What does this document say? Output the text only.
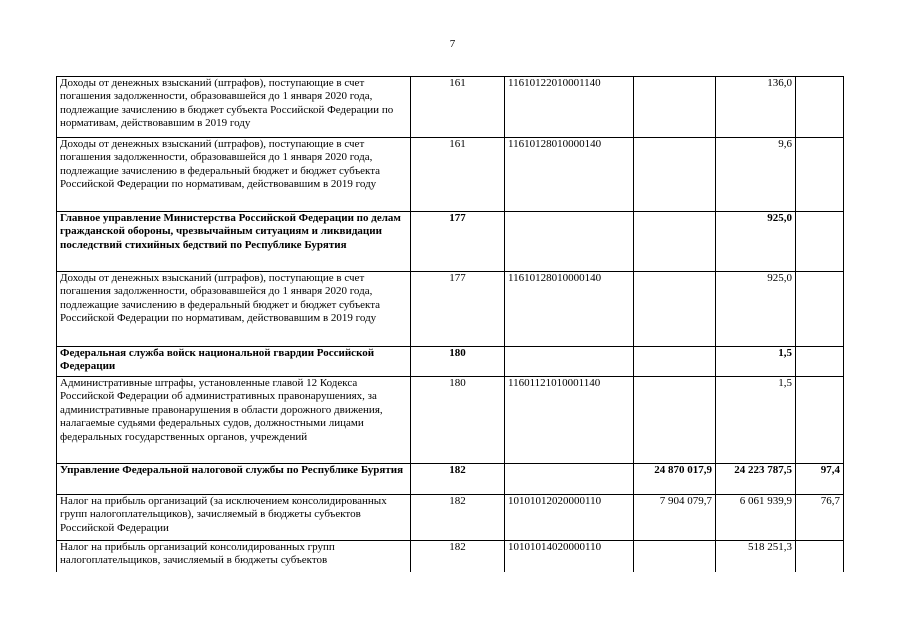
7
Доходы от денежных взысканий (штрафов), поступающие в счет погашения задолженности, образовавшейся до 1 января 2020 года, подлежащие зачислению в бюджет субъекта Российской Федерации по нормативам, действовавшим в 2019 году	161	11610122010001140		136,0	
Доходы от денежных взысканий (штрафов), поступающие в счет погашения задолженности, образовавшейся до 1 января 2020 года, подлежащие зачислению в федеральный бюджет и бюджет субъекта Российской Федерации по нормативам, действовавшим в 2019 году	161	11610128010000140		9,6	
Главное управление Министерства Российской Федерации по делам гражданской обороны, чрезвычайным ситуациям и ликвидации последствий стихийных бедствий по Республике Бурятия	177			925,0	
Доходы от денежных взысканий (штрафов), поступающие в счет погашения задолженности, образовавшейся до 1 января 2020 года, подлежащие зачислению в федеральный бюджет и бюджет субъекта Российской Федерации по нормативам, действовавшим в 2019 году	177	11610128010000140		925,0	
Федеральная служба войск национальной гвардии Российской Федерации	180			1,5	
Административные штрафы, установленные главой 12 Кодекса Российской Федерации об административных правонарушениях, за административные правонарушения в области дорожного движения, налагаемые судьями федеральных судов, должностными лицами федеральных государственных органов, учреждений	180	11601121010001140		1,5	
Управление Федеральной налоговой службы по Республике Бурятия	182		24 870 017,9	24 223 787,5	97,4
Налог на прибыль организаций (за исключением консолидированных групп налогоплательщиков), зачисляемый в бюджеты субъектов Российской Федерации	182	10101012020000110	7 904 079,7	6 061 939,9	76,7
Налог на прибыль организаций консолидированных групп налогоплательщиков, зачисляемый в бюджеты субъектов	182	10101014020000110		518 251,3	
